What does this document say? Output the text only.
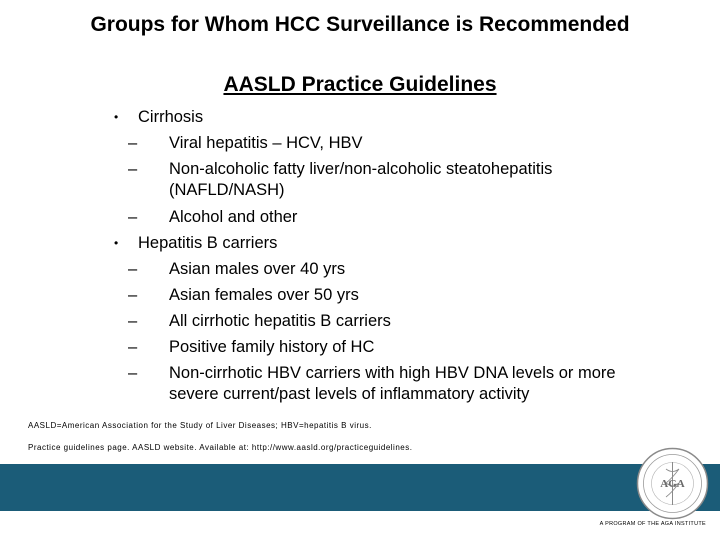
Groups for Whom HCC Surveillance is Recommended
AASLD Practice Guidelines
• Cirrhosis
– Viral hepatitis – HCV, HBV
– Non-alcoholic fatty liver/non-alcoholic steatohepatitis (NAFLD/NASH)
– Alcohol and other
• Hepatitis B carriers
– Asian males over 40 yrs
– Asian females over 50 yrs
– All cirrhotic hepatitis B carriers
– Positive family history of HC
– Non-cirrhotic HBV carriers with high HBV DNA levels or more severe current/past levels of inflammatory activity
AASLD=American Association for the Study of Liver Diseases; HBV=hepatitis B virus.
Practice guidelines page. AASLD website. Available at: http://www.aasld.org/practiceguidelines.
AGA
A PROGRAM OF THE AGA INSTITUTE
